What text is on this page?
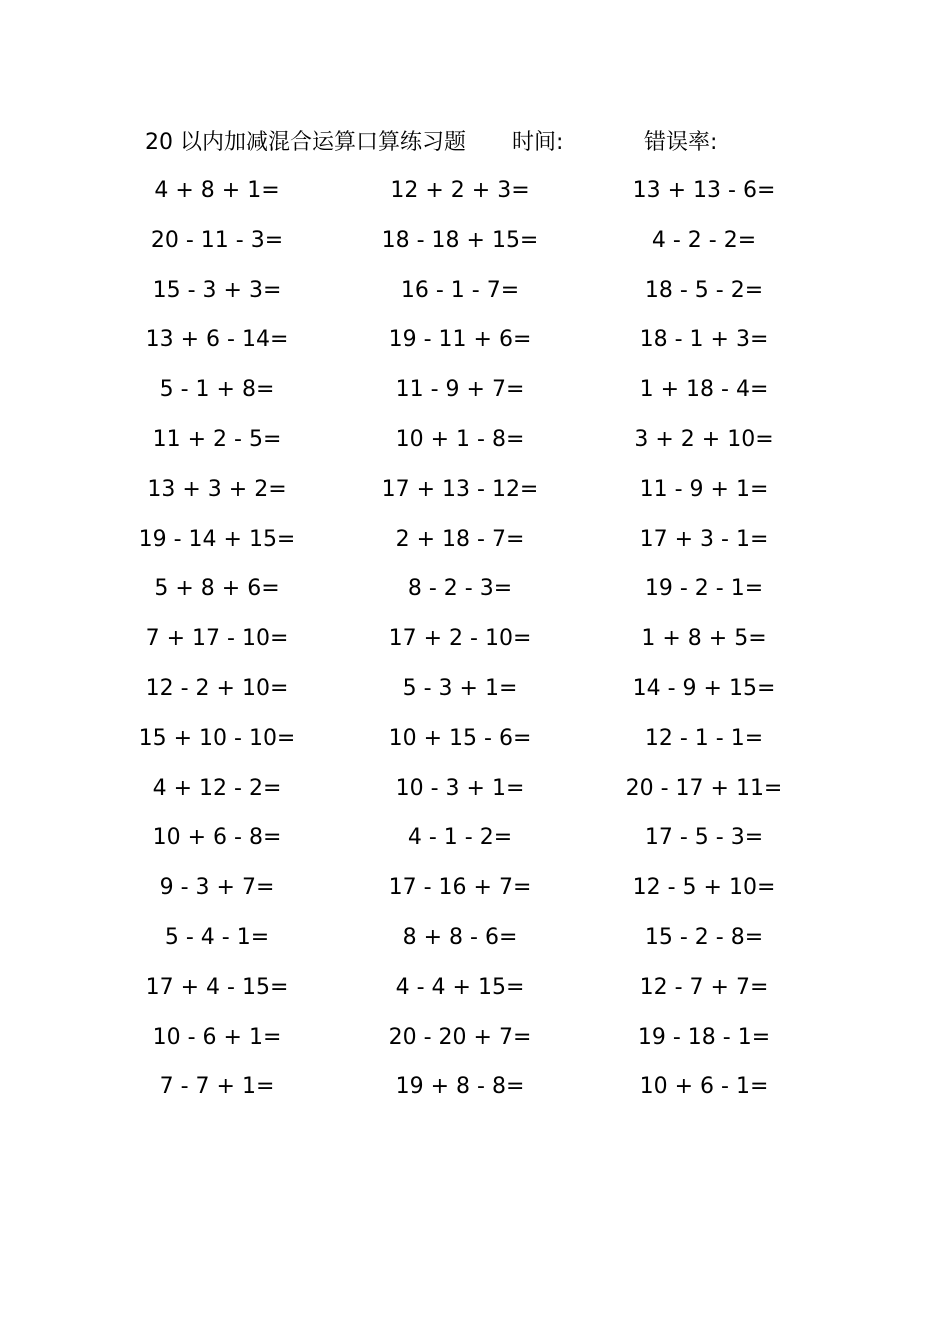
20 以内加减混合运算口算练习题 时间:	错误率:
4 + 8 + 1=	12 + 2 + 3=	13 + 13 - 6=
20 - 11 - 3=	18 - 18 + 15=	4 - 2 - 2=
15 - 3 + 3=	16 - 1 - 7=	18 - 5 - 2=
13 + 6 - 14=	19 - 11 + 6=	18 - 1 + 3=
5 - 1 + 8=	11 - 9 + 7=	1 + 18 - 4=
11 + 2 - 5=	10 + 1 - 8=	3 + 2 + 10=
13 + 3 + 2=	17 + 13 - 12=	11 - 9 + 1=
19 - 14 + 15=	2 + 18 - 7=	17 + 3 - 1=
5 + 8 + 6=	8 - 2 - 3=	19 - 2 - 1=
7 + 17 - 10=	17 + 2 - 10=	1 + 8 + 5=
12 - 2 + 10=	5 - 3 + 1=	14 - 9 + 15=
15 + 10 - 10=	10 + 15 - 6=	12 - 1 - 1=
4 + 12 - 2=	10 - 3 + 1=	20 - 17 + 11=
10 + 6 - 8=	4 - 1 - 2=	17 - 5 - 3=
9 - 3 + 7=	17 - 16 + 7=	12 - 5 + 10=
5 - 4 - 1=	8 + 8 - 6=	15 - 2 - 8=
17 + 4 - 15=	4 - 4 + 15=	12 - 7 + 7=
10 - 6 + 1=	20 - 20 + 7=	19 - 18 - 1=
7 - 7 + 1=	19 + 8 - 8=	10 + 6 - 1=
